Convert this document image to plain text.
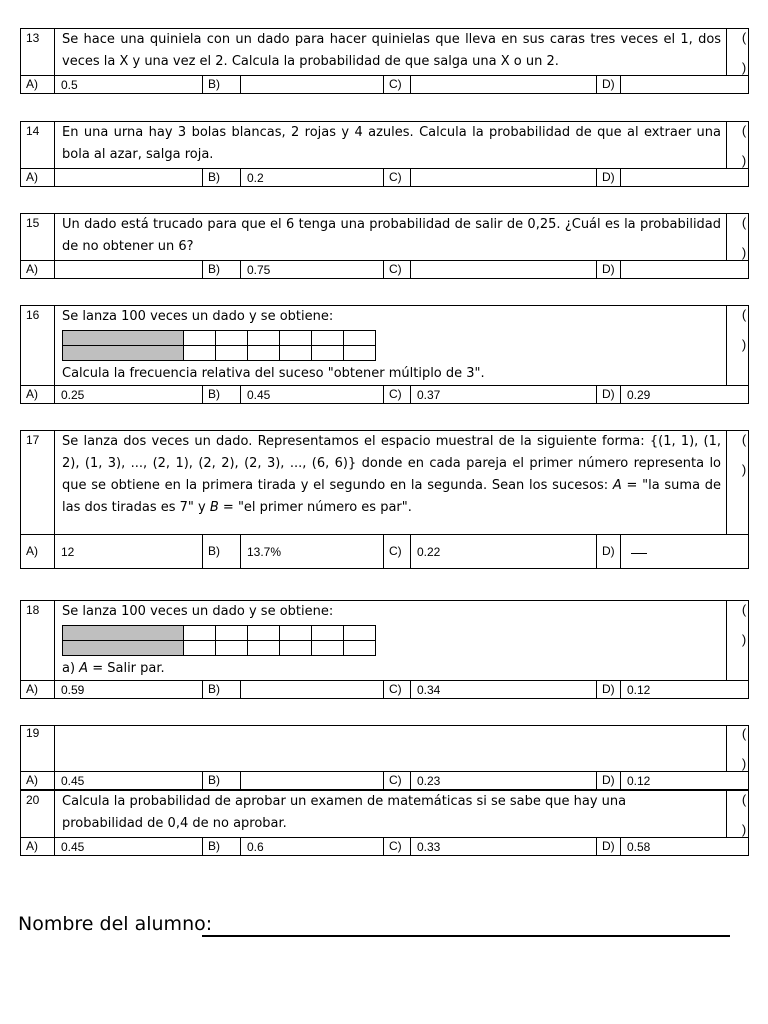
13	Se hace una quiniela con un dado para hacer quinielas que lleva en sus caras tres veces el 1, dos veces la X y una vez el 2. Calcula la probabilidad de que salga una X o un 2.							(    )
A)	0.5	B)		C)		D)		
14	En una urna hay 3 bolas blancas, 2 rojas y 4 azules. Calcula la probabilidad de que al extraer una bola al azar, salga roja.							(    )
A)		B)	0.2	C)		D)		
15	Un dado está trucado para que el 6 tenga una probabilidad de salir de 0,25. ¿Cuál es la probabilidad de no obtener un 6?							(    )
A)		B)	0.75	C)		D)		
16	Se lanza 100 veces un dado y se obtiene:

Calcula la frecuencia relativa del suceso "obtener múltiplo de 3".
	(    )
A)	0.25	B)	0.45	C)	0.37	D)	0.29
17	Se lanza dos veces un dado. Representamos el espacio muestral de la siguiente forma: {(1, 1), (1, 2), (1, 3), ..., (2, 1), (2, 2), (2, 3), ..., (6, 6)} donde en cada pareja el primer número representa lo que se obtiene en la primera tirada y el segundo en la segunda. Sean los sucesos: A = "la suma de las dos tiradas es 7" y B = "el primer número es par".							(    )
A)	12	B)	13.7%	C)	0.22	D)		
18	Se lanza 100 veces un dado y se obtiene:

a) A = Salir par.
	(    )
A)	0.59	B)		C)	0.34	D)	0.12
19								(    )
A)	0.45	B)		C)	0.23	D)	0.12	
20	Calcula la probabilidad de aprobar un examen de matemáticas si se sabe que hay una probabilidad de 0,4 de no aprobar.							(    )
A)	0.45	B)	0.6	C)	0.33	D)	0.58	
Nombre del alumno:
